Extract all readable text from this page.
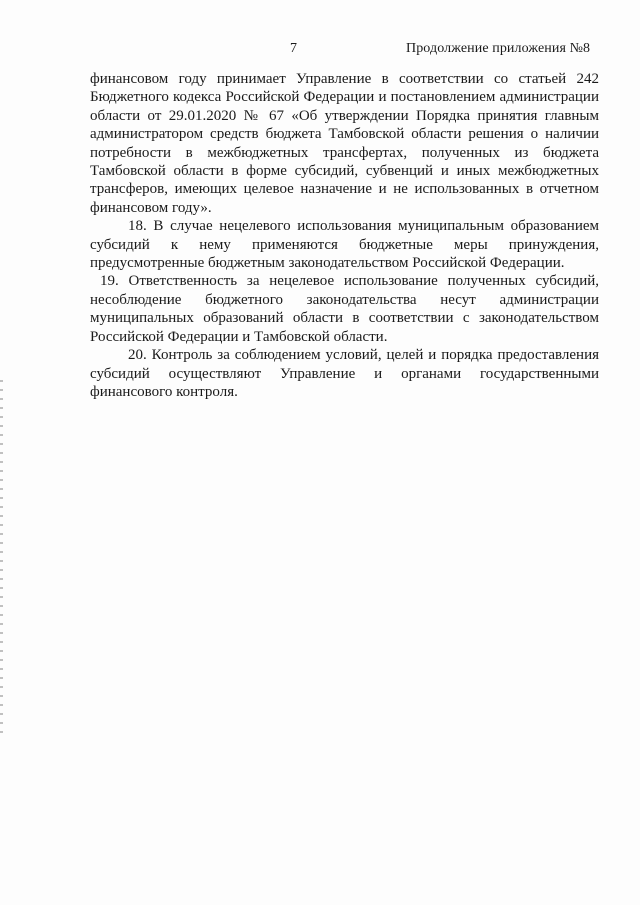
7	Продолжение приложения №8

финансовом году принимает Управление в соответствии со статьей 242 Бюджетного кодекса Российской Федерации и постановлением администрации области от 29.01.2020 № 67 «Об утверждении Порядка принятия главным администратором средств бюджета Тамбовской области решения о наличии потребности в межбюджетных трансфертах, полученных из бюджета Тамбовской области в форме субсидий, субвенций и иных межбюджетных трансферов, имеющих целевое назначение и не использованных в отчетном финансовом году».

18. В случае нецелевого использования муниципальным образованием субсидий к нему применяются бюджетные меры принуждения, предусмотренные бюджетным законодательством Российской Федерации.

19. Ответственность за нецелевое использование полученных субсидий, несоблюдение бюджетного законодательства несут администрации муниципальных образований области в соответствии с законодательством Российской Федерации и Тамбовской области.

20. Контроль за соблюдением условий, целей и порядка предоставления субсидий осуществляют Управление и органами государственными финансового контроля.
